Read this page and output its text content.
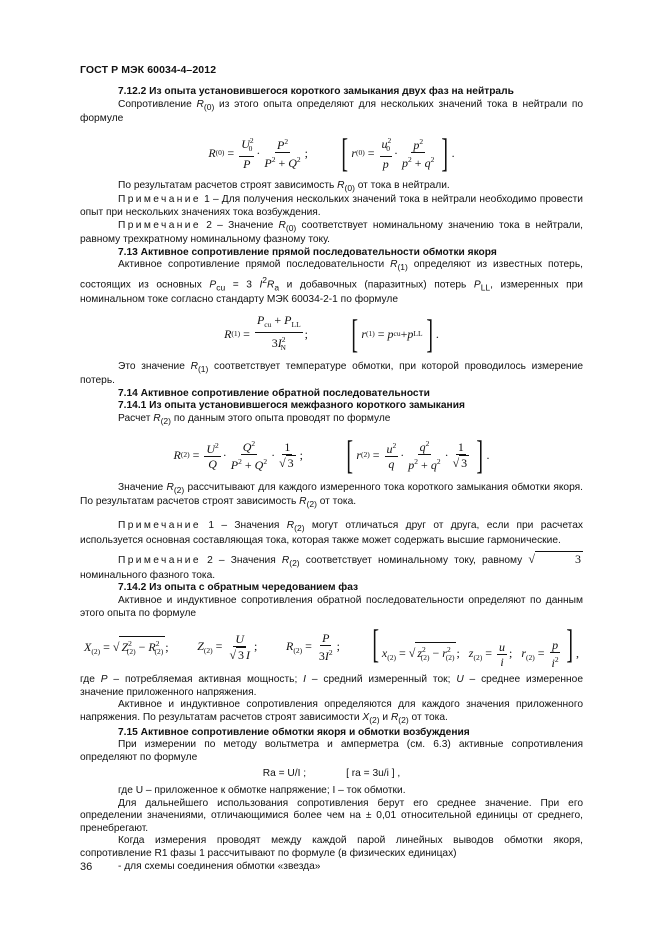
ГОСТ Р МЭК 60034-4–2012

7.12.2 Из опыта установившегося короткого замыкания двух фаз на нейтраль

Сопротивление $R_{(0)}$ из этого опыта определяют для нескольких значений тока в нейтрали по формуле

R $(0) = \frac{U^2_0}{P} \cdot \frac{P^2}{P^2 + Q^2}$ ; [ r $(0) = \frac{u^2_0}{p} \cdot \frac{p^2}{p^2 + q^2}$ ] .

По результатам расчетов строят зависимость $R_{(0)}$ от тока в нейтрали.

Примечание 1 – Для получения нескольких значений тока в нейтрали необходимо провести опыт при нескольких значениях тока возбуждения.

Примечание 2 – Значение $R_{(0)}$ соответствует номинальному значению тока в нейтрали, равному трехкратному номинальному фазному току.

7.13 Активное сопротивление прямой последовательности обмотки якоря

Активное сопротивление прямой последовательности $R_{(1)}$ определяют из известных потерь, состоящих из основных $P_{cu} = 3$ $I^2R_a$ и добавочных (паразитных) потерь $P_{LL}$, измеренных при номинальном токе согласно стандарту МЭК 60034-2-1 по формуле

R $(1) = \frac{P_{cu} + P_{LL}}{3I^2_N}$ ; [ r (1) = p cu + p LL ] .

Это значение $R_{(1)}$ соответствует температуре обмотки, при которой проводилось измерение потерь.

7.14 Активное сопротивление обратной последовательности

7.14.1 Из опыта установившегося межфазного короткого замыкания

Расчет $R_{(2)}$ по данным этого опыта проводят по формуле

R $(2) = \frac{U^2}{Q} \cdot \frac{Q^2}{P^2 + Q^2} \cdot \frac{1}{√ 3}$ ; [ r $(2) = \frac{u^2}{q} \cdot \frac{q^2}{p^2 + q^2} \cdot \frac{1}{√ 3}$ ] .

Значение $R_{(2)}$ рассчитывают для каждого измеренного тока короткого замыкания обмотки якоря. По результатам расчетов строят зависимость $R_{(2)}$ от тока.

Примечание 1 – Значения $R_{(2)}$ могут отличаться друг от друга, если при расчетах используется основная составляющая тока, которая также может содержать высшие гармонические.

Примечание 2 – Значения $R_{(2)}$ соответствует номинальному току, равному √	3 номинального фазного тока.

7.14.2 Из опыта с обратным чередованием фаз

Активное и индуктивное сопротивления обратной последовательности определяют по данным этого опыта по формуле

$X_{(2)}$ = √ $Z^2_{(2)} - R^2_{(2)}$ ; $Z_{(2)} = \frac{U}{√ 3 I}$ ; $R_{(2)} = \frac{P}{3I^2}$ ; [ $x_{(2)}$ = √ $z^2_{(2)} - r^2_{(2)}$ ;   $z_{(2)} = \frac{u}{i}$ ;   $r_{(2)} = \frac{p}{i^2}$ ] ,

где P – потребляемая активная мощность; I – средний измеренный ток; U – среднее измеренное значение приложенного напряжения.

Активное и индуктивное сопротивления определяются для каждого значения приложенного напряжения. По результатам расчетов строят зависимости $X_{(2)}$ и $R_{(2)}$ от тока.

7.15 Активное сопротивление обмотки якоря и обмотки возбуждения

При измерении по методу вольтметра и амперметра (см. 6.3) активные сопротивления определяют по формуле

Ra = U/I ;	[ ra = 3u/i ] ,

где U – приложенное к обмотке напряжение; I – ток обмотки.

Для дальнейшего использования сопротивления берут его среднее значение. При его определении значениями, отличающимися более чем на ± 0,01 относительной единицы от среднего, пренебрегают.

Когда измерения проводят между каждой парой линейных выводов обмотки якоря, сопротивление R1 фазы 1 рассчитывают по формуле (в физических единицах)

- для схемы соединения обмотки «звезда»

36
